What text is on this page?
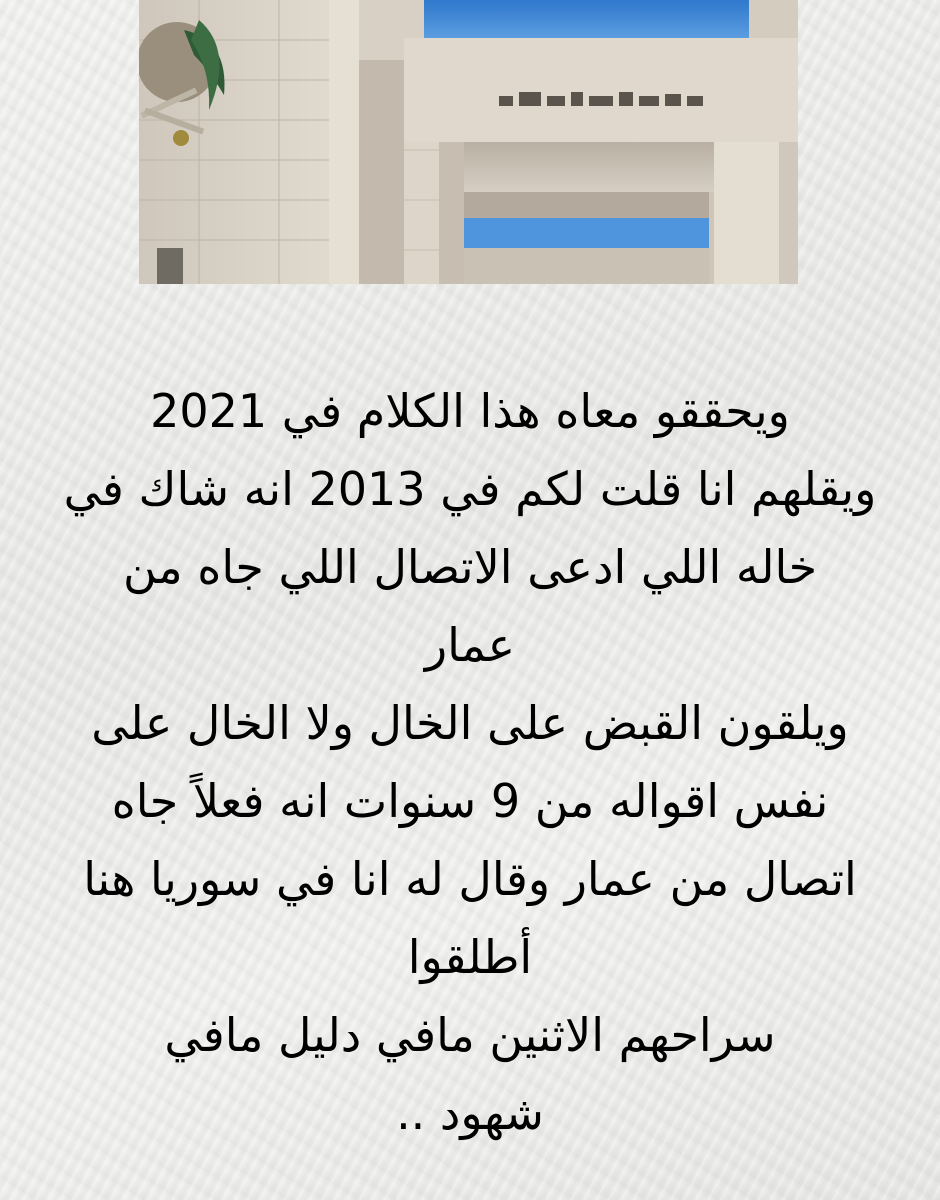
ويحققو معاه هذا الكلام في 2021
ويقلهم انا قلت لكم في 2013 انه شاك في
خاله اللي ادعى الاتصال اللي جاه من
عمار
ويلقون القبض على الخال ولا الخال على
نفس اقواله من 9 سنوات انه فعلاً جاه
اتصال من عمار وقال له انا في سوريا هنا
أطلقوا
سراحهم الاثنين مافي دليل مافي
شهود ..
